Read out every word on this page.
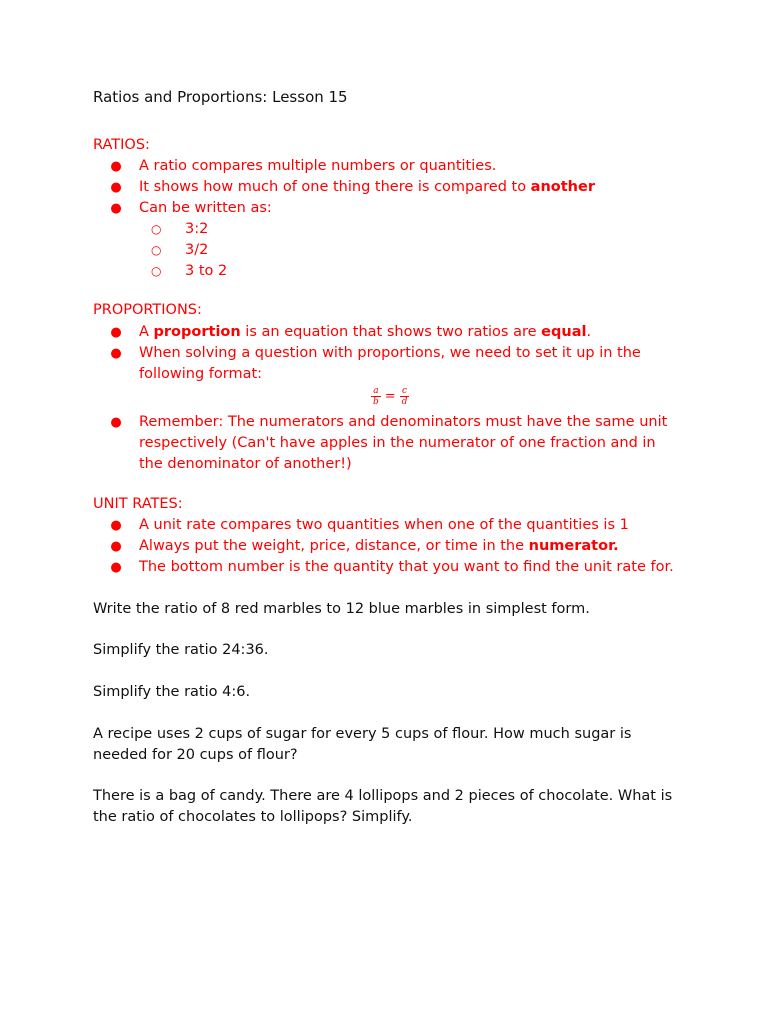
Ratios and Proportions: Lesson 15
RATIOS:
● A ratio compares multiple numbers or quantities.
● It shows how much of one thing there is compared to another
● Can be written as:
○ 3:2
○ 3/2
○ 3 to 2
PROPORTIONS:
● A proportion is an equation that shows two ratios are equal.
● When solving a question with proportions, we need to set it up in the following format:
$\frac{a}{b} = \frac{c}{d}$
● Remember: The numerators and denominators must have the same unit respectively (Can't have apples in the numerator of one fraction and in the denominator of another!)
UNIT RATES:
● A unit rate compares two quantities when one of the quantities is 1
● Always put the weight, price, distance, or time in the numerator.
● The bottom number is the quantity that you want to find the unit rate for.
Write the ratio of 8 red marbles to 12 blue marbles in simplest form.
Simplify the ratio 24:36.
Simplify the ratio 4:6.
A recipe uses 2 cups of sugar for every 5 cups of flour. How much sugar is needed for 20 cups of flour?
There is a bag of candy. There are 4 lollipops and 2 pieces of chocolate. What is the ratio of chocolates to lollipops? Simplify.
